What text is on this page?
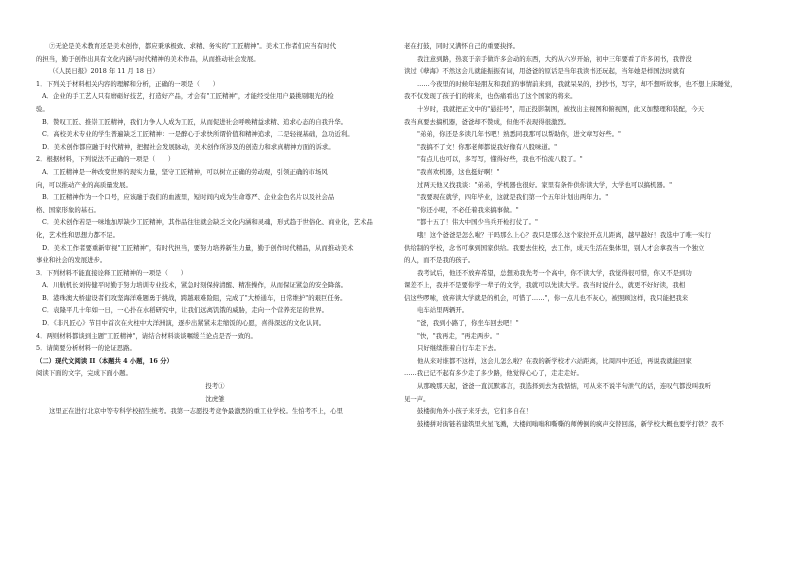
⑦无论是美术教育还是美术创作，都应秉承极致、求精、务实的"工匠精神"。美术工作者们应当有时代
的担当，勤于创作出具有文化内涵与时代精神的美术作品，从而推动社会发展。
（《人民日报》2018 年 11 月 18 日）
1．下列关于材料相关内容的理解和分析，正确的一项是（　　）
A．企业的手工艺人只有磨砺好技艺，打造好产品，才会有"工匠精神"，才能经受住用户最挑剔眼光的检
验。
B．赞叹工匠、推崇工匠精神，我们力争人人成为工匠，从而促进社会呼唤精益求精、追求心态的自我升华。
C．高校美术专业的学生普遍缺乏工匠精神：一是醉心于求快所谓价值和精神追求，二是轻视基础，急功近利。
D．美术创作都应融于时代精神，把握社会发展脉动，美术创作所涉及的创造力和求真精神方面的诉求。
2．根据材料，下列说法不正确的一项是（　　）
A．工匠精神是一种改变世界的现实力量，坚守工匠精神，可以树立正确的劳动观，引领正确的市场风
向，可以推动产业的高质量发展。
B．工匠精神作为一个口号，应该融于我们的血液里，短时间内成为生命尊严、企业金色名片以及社会品
格、国家形象的基石。
C．美术创作若是一味地加厚缺少工匠精神，其作品往往就会缺乏文化内涵和灵魂，形式趋于世俗化、商业化，艺术品
化，艺术性和思想力都不足。
D．美术工作者要重新审视"工匠精神"，有时代担当，要努力培养新生力量，勤于创作时代精品，从而推动美术
事业和社会的发展进步。
3．下列材料不能直接诠释工匠精神的一项是（　　）
A．川航机长刘传健平时勤于努力培训专业技术，紧急时刻保持清醒、精准操作，从而保证紧急的安全降落。
B．港珠澳大桥建设者们攻坚海洋难题勇于挑战，跨越艰难险阻，完成了"大桥通车，日常维护"的艰巨任务。
C．袁隆平几十年如一日，一心扑在水稻研究中，让我们远离饥饿的威胁，走向一个营养充足的世界。
D．《非凡匠心》节目中首次在火柱中大洋洲演，逐步出紧紧未走缩饭的心愿，喜得深远的文化认同。
4．两则材料都谈到主题"工匠精神"，请结合材料谈谈嘱缓兰论点是否一致的。
5．请简要分析材料一的论证思路。
（二）现代文阅读 II（本题共 4 小题，16 分）
阅读下面的文字，完成下面小题。
投考①
沈虎雏
这里正在进行北京中等专科学校招生统考。我第一志愿投考竞争最激烈的重工业学校。生怕考不上，心里
老在打鼓，同时又满怀自己的重要抉择。
我注意到路，热衷于亲手做许多会动的东西，大约从六岁开始，初中三年要看了许多闲书，我曾没
读过《孽海》不然这会儿就能振振有词，用爸爸的原话是当年我读书还玩起，当年她是样国法时就有
……今夜里的时候年轻朋友和我们的事情前来到，我就呆呆的，抄抄书，写字，却不想听故事，也不想上床睡觉，
我不仅发现了孩子们的将来，也伤痛看出了这个国家的将来。
十岁时，我就把正文中的"悬挂号"，用正投影制图，被找出主视图和俯视图，此又加整理和装配，今天
我当真要去搞机器，爸爸却不赞成，但他不表现得很激烈。
"弟弟，你还是多读几年书吧！熟悉同我那可以帮助你，进文章写好些。"
"我搞不了文！你那老师都说我好像有八股味道。"
"有点儿也可以，多写写，懂得好些，我也不怕流八股了。"
"我喜欢机器，这也挺好啊！"
过两天他又找我谈："弟弟，学机器也很好。家里有条件供你读大学，大学也可以搞机器。"
"我要现在就学，四年毕业，这就是我们第一个五年计划出两年力。"
"你还小呢，不必任着我来搞事做。"
"都十五了！伟大中国少当兵开枪打仗了。"
哦！这个爸爸是怎么啦？干吗那么上心？我只是那么这个家拉开点儿距离，越早越好！我选中了唯一实行
供给制的学校，念书可拿到国家供给。我要去住校，去工作，成天生活在集体里，别人才会拿我当一个独立
的人，而不是我的孩子。
我考试后，他还不放弃希望，总想劝我先考一个高中，你不读大学，我觉得很可惜，你又不是到功
课差不上，我并不是要你学一辈子的文学，我就可以先读大学。我当时说什么，就更不好好读，我相
信这些啰嗦，放弃读大学就是的机会，可惜了……"，你一点儿也不灰心，被照顾这样，我只能把我来
电车站里两辆开。
"爸，我到小路了，你坐车回去吧！"
"快，"我再走，"再走两步。"
只好继续推着自行车走下去。
他从来对谁都不这样，这会儿怎么啦？在我的新学校才六站距离，比周四中还近，再说我就能回家
……我已记不起有多少走了多少路，他觉得心心了，走走走好。
从那晚那天起，爸爸一直沉默寡言，我选择到去为我惦惦，可从来不说半句泄气的话，连叹气都没叫我听
见一声。
鼓楼街角外小孩子来牙去，它们多自在！
鼓楼拼对街链若建筑里火星飞溅，大楼间嗡嗡和嘶嘶的师傅倒的疯声交替回荡，新学校大概也要学打铁？我不
